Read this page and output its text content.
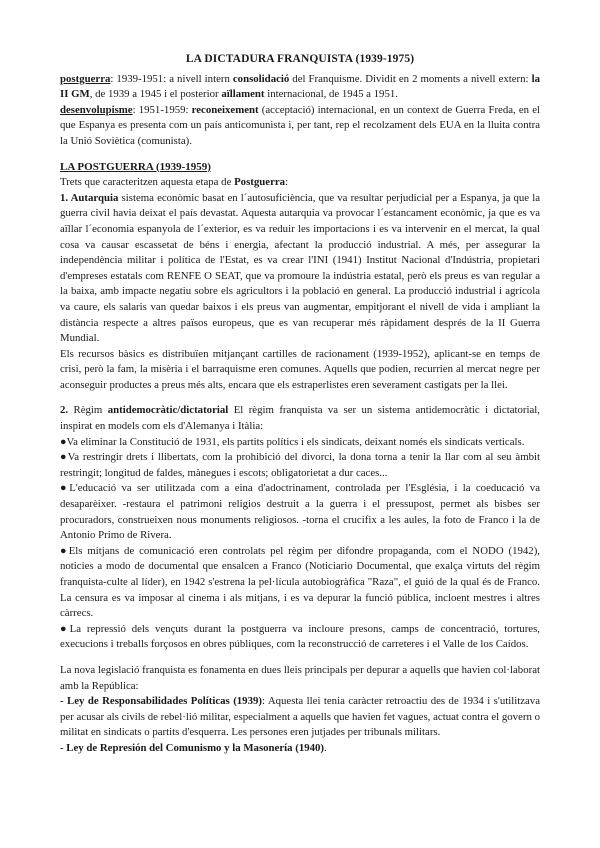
LA DICTADURA FRANQUISTA (1939-1975)

postguerra: 1939-1951: a nivell intern consolidació del Franquisme. Dividit en 2 moments a nivell extern: la II GM, de 1939 a 1945 i el posterior aïllament internacional, de 1945 a 1951.

desenvolupisme: 1951-1959: reconeixement (acceptació) internacional, en un context de Guerra Freda, en el que Espanya es presenta com un país anticomunista i, per tant, rep el recolzament dels EUA en la lluita contra la Unió Soviètica (comunista).

LA POSTGUERRA (1939-1959)

Trets que caracteritzen aquesta etapa de Postguerra:

1. Autarquia sistema econòmic basat en l´autosuficiència, que va resultar perjudicial per a Espanya, ja que la guerra civil havia deixat el país devastat. Aquesta autarquia va provocar l´estancament econòmic, ja que es va aïllar l´economia espanyola de l´exterior, es va reduir les importacions i es va intervenir en el mercat, la qual cosa va causar escassetat de béns i energia, afectant la producció industrial. A més, per assegurar la independència militar i política de l'Estat, es va crear l'INI (1941) Institut Nacional d'Indústria, propietari d'empreses estatals com RENFE O SEAT, que va promoure la indústria estatal, però els preus es van regular a la baixa, amb impacte negatiu sobre els agricultors i la població en general. La producció industrial i agrícola va caure, els salaris van quedar baixos i els preus van augmentar, empitjorant el nivell de vida i ampliant la distància respecte a altres països europeus, que es van recuperar més ràpidament després de la II Guerra Mundial.

Els recursos bàsics es distribuïen mitjançant cartilles de racionament (1939-1952), aplicant-se en temps de crisi, però la fam, la misèria i el barraquisme eren comunes. Aquells que podien, recurrien al mercat negre per aconseguir productes a preus més alts, encara que els estraperlistes eren severament castigats per la llei.

2. Règim antidemocràtic/dictatorial El règim franquista va ser un sistema antidemocràtic i dictatorial, inspirat en models com els d'Alemanya i Itàlia:

●Va eliminar la Constitució de 1931, els partits polítics i els sindicats, deixant només els sindicats verticals.

●Va restringir drets i llibertats, com la prohibició del divorci, la dona torna a tenir la llar com al seu àmbit restringit; longitud de faldes, mànegues i escots; obligatorietat a dur caces...

●L'educació va ser utilitzada com a eina d'adoctrinament, controlada per l'Església, i la coeducació va desaparèixer. -restaura el patrimoni religios destruit a la guerra i el pressupost, permet als bisbes ser procuradors, construeixen nous monuments religiosos. -torna el crucifix a les aules, la foto de Franco i la de Antonio Primo de Rivera.

●Els mitjans de comunicació eren controlats pel règim per difondre propaganda, com el NODO (1942), noticies a modo de documental que ensalcen a Franco (Noticiario Documental, que exalça virtuts del règim franquista-culte al líder), en 1942 s'estrena la pel·lícula autobiogràfica "Raza", el guió de la qual és de Franco. La censura es va imposar al cinema i als mitjans, i es va depurar la funció pública, incloent mestres i altres càrrecs.

●La repressió dels vençuts durant la postguerra va incloure presons, camps de concentració, tortures, execucions i treballs forçosos en obres públiques, com la reconstrucció de carreteres i el Valle de los Caídos.

La nova legislació franquista es fonamenta en dues lleis principals per depurar a aquells que havien col·laborat amb la República:

- Ley de Responsabilidades Políticas (1939): Aquesta llei tenia caràcter retroactiu des de 1934 i s'utilitzava per acusar als civils de rebel·lió militar, especialment a aquells que havien fet vagues, actuat contra el govern o militat en sindicats o partits d'esquerra. Les persones eren jutjades per tribunals militars.

- Ley de Represión del Comunismo y la Masonería (1940).
